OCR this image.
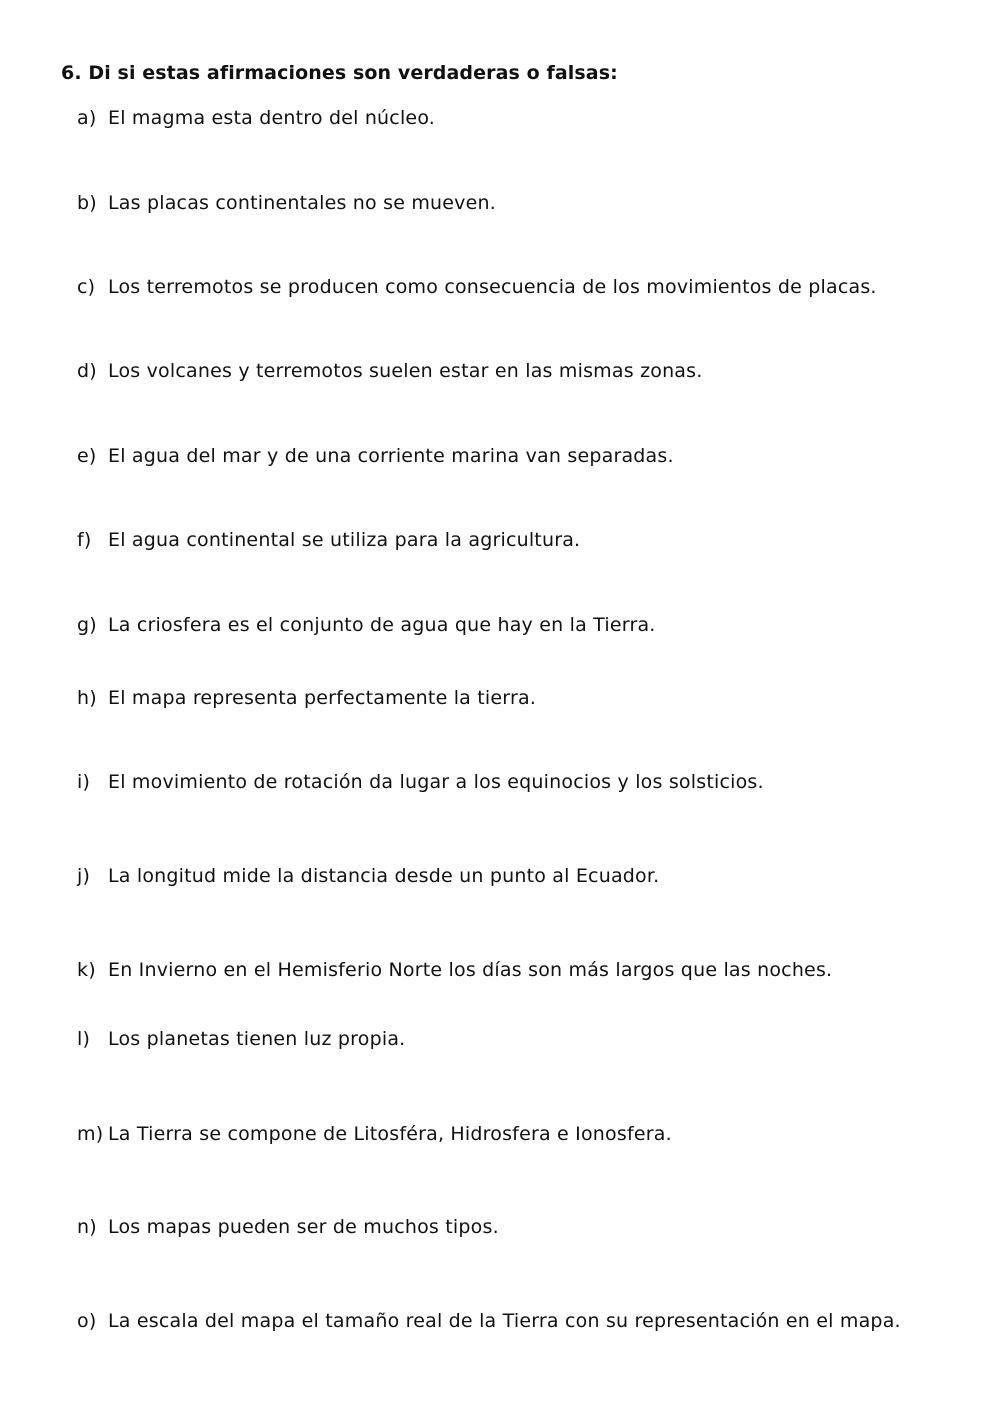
6. Di si estas afirmaciones son verdaderas o falsas:
a) El magma esta dentro del núcleo.
b) Las placas continentales no se mueven.
c) Los terremotos se producen como consecuencia de los movimientos de placas.
d) Los volcanes y terremotos suelen estar en las mismas zonas.
e) El agua del mar y de una corriente marina van separadas.
f) El agua continental se utiliza para la agricultura.
g) La criosfera es el conjunto de agua que hay en la Tierra.
h) El mapa representa perfectamente la tierra.
i) El movimiento de rotación da lugar a los equinocios y los solsticios.
j) La longitud mide la distancia desde un punto al Ecuador.
k) En Invierno en el Hemisferio Norte los días son más largos que las noches.
l) Los planetas tienen luz propia.
m) La Tierra se compone de Litosféra, Hidrosfera e Ionosfera.
n) Los mapas pueden ser de muchos tipos.
o) La escala del mapa el tamaño real de la Tierra con su representación en el mapa.
